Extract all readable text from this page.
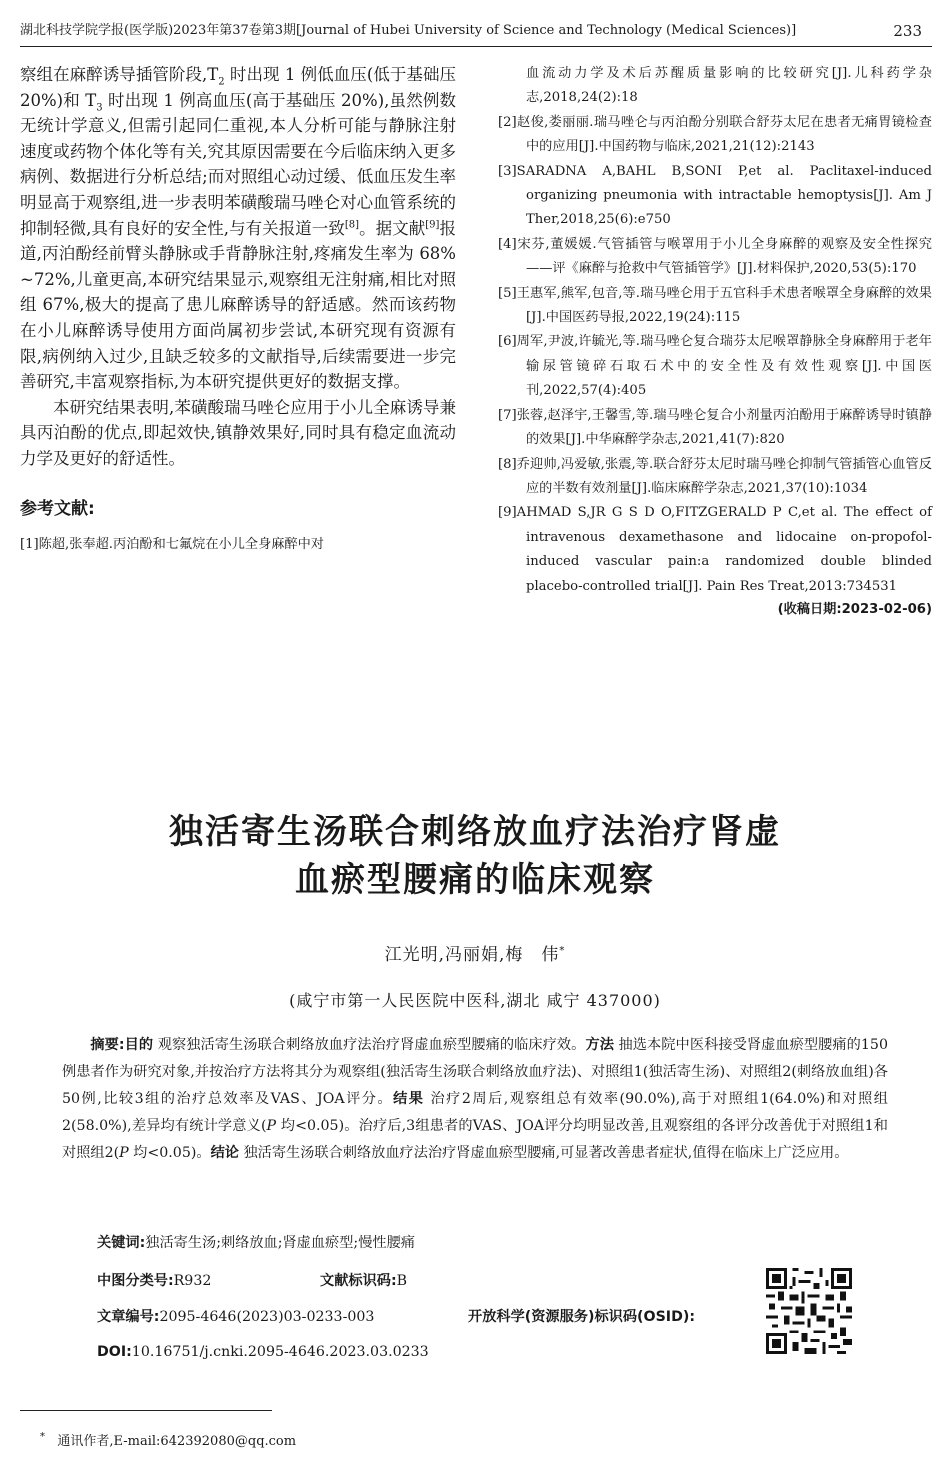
湖北科技学院学报(医学版)2023年第37卷第3期[Journal of Hubei University of Science and Technology (Medical Sciences)]	233

察组在麻醉诱导插管阶段$,T_2$ 时出现 1 例低血压(低于基础压 20%)和 $T_3$ 时出现 1 例高血压(高于基础压 20%),虽然例数无统计学意义,但需引起同仁重视,本人分析可能与静脉注射速度或药物个体化等有关,究其原因需要在今后临床纳入更多病例、数据进行分析总结;而对照组心动过缓、低血压发生率明显高于观察组,进一步表明苯磺酸瑞马唑仑对心血管系统的抑制轻微,具有良好的安全性,与有关报道一致[8]。据文献[9]报道,丙泊酚经前臂头静脉或手背静脉注射,疼痛发生率为 68% ~72%,儿童更高,本研究结果显示,观察组无注射痛,相比对照组 67%,极大的提高了患儿麻醉诱导的舒适感。然而该药物在小儿麻醉诱导使用方面尚属初步尝试,本研究现有资源有限,病例纳入过少,且缺乏较多的文献指导,后续需要进一步完善研究,丰富观察指标,为本研究提供更好的数据支撑。

本研究结果表明,苯磺酸瑞马唑仑应用于小儿全麻诱导兼具丙泊酚的优点,即起效快,镇静效果好,同时具有稳定血流动力学及更好的舒适性。

参考文献:

[1]陈超,张奉超.丙泊酚和七氟烷在小儿全身麻醉中对

血流动力学及术后苏醒质量影响的比较研究[J].儿科药学杂志,2018,24(2):18

[2]赵俊,娄丽丽.瑞马唑仑与丙泊酚分别联合舒芬太尼在患者无痛胃镜检查中的应用[J].中国药物与临床,2021,21(12):2143

[3]SARADNA A,BAHL B,SONI P,et al. Paclitaxel-induced organizing pneumonia with intractable hemoptysis[J]. Am J Ther,2018,25(6):e750

[4]宋芬,董媛媛.气管插管与喉罩用于小儿全身麻醉的观察及安全性探究——评《麻醉与抢救中气管插管学》[J].材料保护,2020,53(5):170

[5]王惠军,熊军,包音,等.瑞马唑仑用于五官科手术患者喉罩全身麻醉的效果[J].中国医药导报,2022,19(24):115

[6]周军,尹波,许毓光,等.瑞马唑仑复合瑞芬太尼喉罩静脉全身麻醉用于老年输尿管镜碎石取石术中的安全性及有效性观察[J].中国医刊,2022,57(4):405

[7]张蓉,赵泽宇,王馨雪,等.瑞马唑仑复合小剂量丙泊酚用于麻醉诱导时镇静的效果[J].中华麻醉学杂志,2021,41(7):820

[8]乔迎帅,冯爱敏,张震,等.联合舒芬太尼时瑞马唑仑抑制气管插管心血管反应的半数有效剂量[J].临床麻醉学杂志,2021,37(10):1034

[9]AHMAD S,JR G S D O,FITZGERALD P C,et al. The effect of intravenous dexamethasone and lidocaine on-propofol-induced vascular pain:a randomized double blinded placebo-controlled trial[J]. Pain Res Treat,2013:734531

(收稿日期:2023-02-06)
独活寄生汤联合刺络放血疗法治疗肾虚
血瘀型腰痛的临床观察
江光明,冯丽娟,梅　伟*
(咸宁市第一人民医院中医科,湖北 咸宁 437000)

摘要:目的 观察独活寄生汤联合刺络放血疗法治疗肾虚血瘀型腰痛的临床疗效。方法 抽选本院中医科接受肾虚血瘀型腰痛的150例患者作为研究对象,并按治疗方法将其分为观察组(独活寄生汤联合刺络放血疗法)、对照组1(独活寄生汤)、对照组2(刺络放血组)各50例,比较3组的治疗总效率及VAS、JOA评分。结果 治疗2周后,观察组总有效率(90.0%),高于对照组1(64.0%)和对照组2(58.0%),差异均有统计学意义(P 均<0.05)。治疗后,3组患者的VAS、JOA评分均明显改善,且观察组的各评分改善优于对照组1和对照组2(P 均<0.05)。结论 独活寄生汤联合刺络放血疗法治疗肾虚血瘀型腰痛,可显著改善患者症状,值得在临床上广泛应用。

关键词:独活寄生汤;刺络放血;肾虚血瘀型;慢性腰痛
中图分类号:R932	文献标识码:B
文章编号:2095-4646(2023)03-0233-003	开放科学(资源服务)标识码(OSID):
DOI:10.16751/j.cnki.2095-4646.2023.03.0233
* 通讯作者,E-mail:642392080@qq.com
